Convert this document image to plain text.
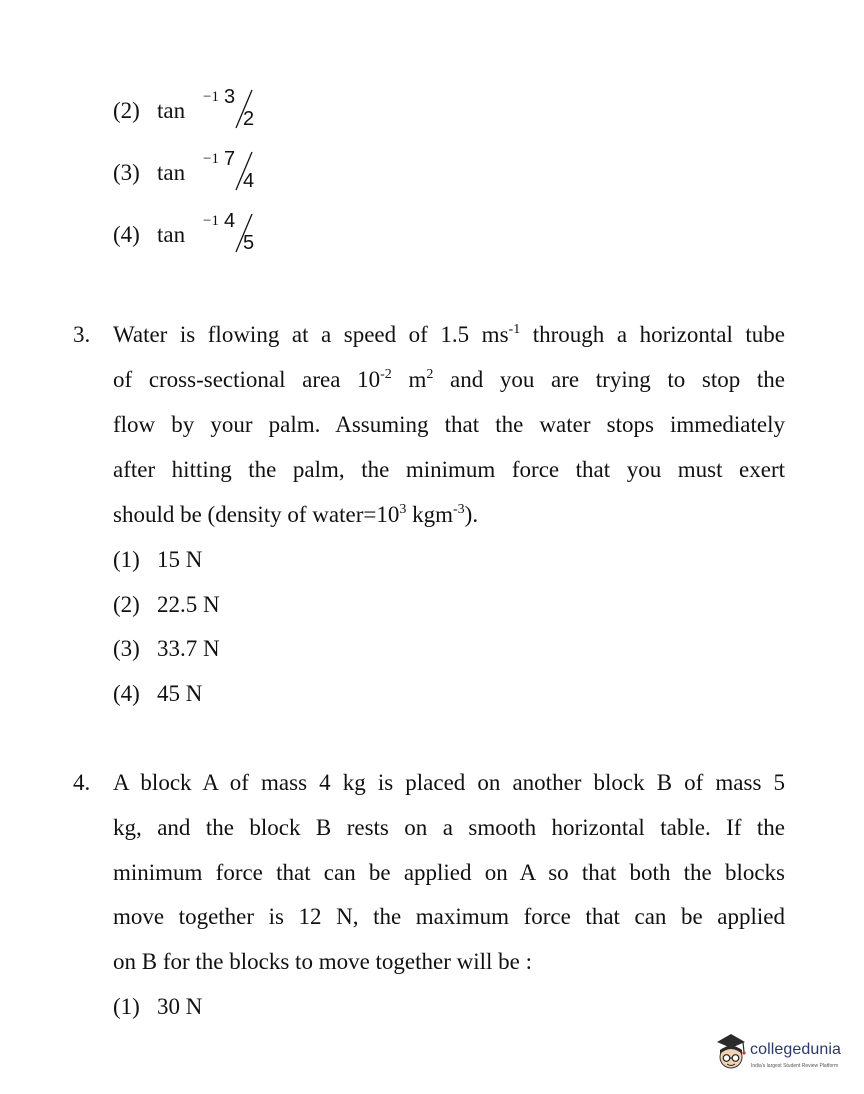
(2) tan
−1 3
2
(3) tan
−1 7
4
(4) tan
−1 4
5
3. Water is flowing at a speed of 1.5 $ms^{-1}$ through a horizontal tube
of cross-sectional area $10^{-2}$ $m^2$ and you are trying to stop the
flow by your palm. Assuming that the water stops immediately
after hitting the palm, the minimum force that you must exert
should be (density of $water=10^3$ kgm$^{-3}$).
(1) 15 N
(2) 22.5 N
(3) 33.7 N
(4) 45 N
4. A block A of mass 4 kg is placed on another block B of mass 5
kg, and the block B rests on a smooth horizontal table. If the
minimum force that can be applied on A so that both the blocks
move together is 12 N, the maximum force that can be applied
on B for the blocks to move together will be :
(1) 30 N
collegedunia
India's largest Student Review Platform
